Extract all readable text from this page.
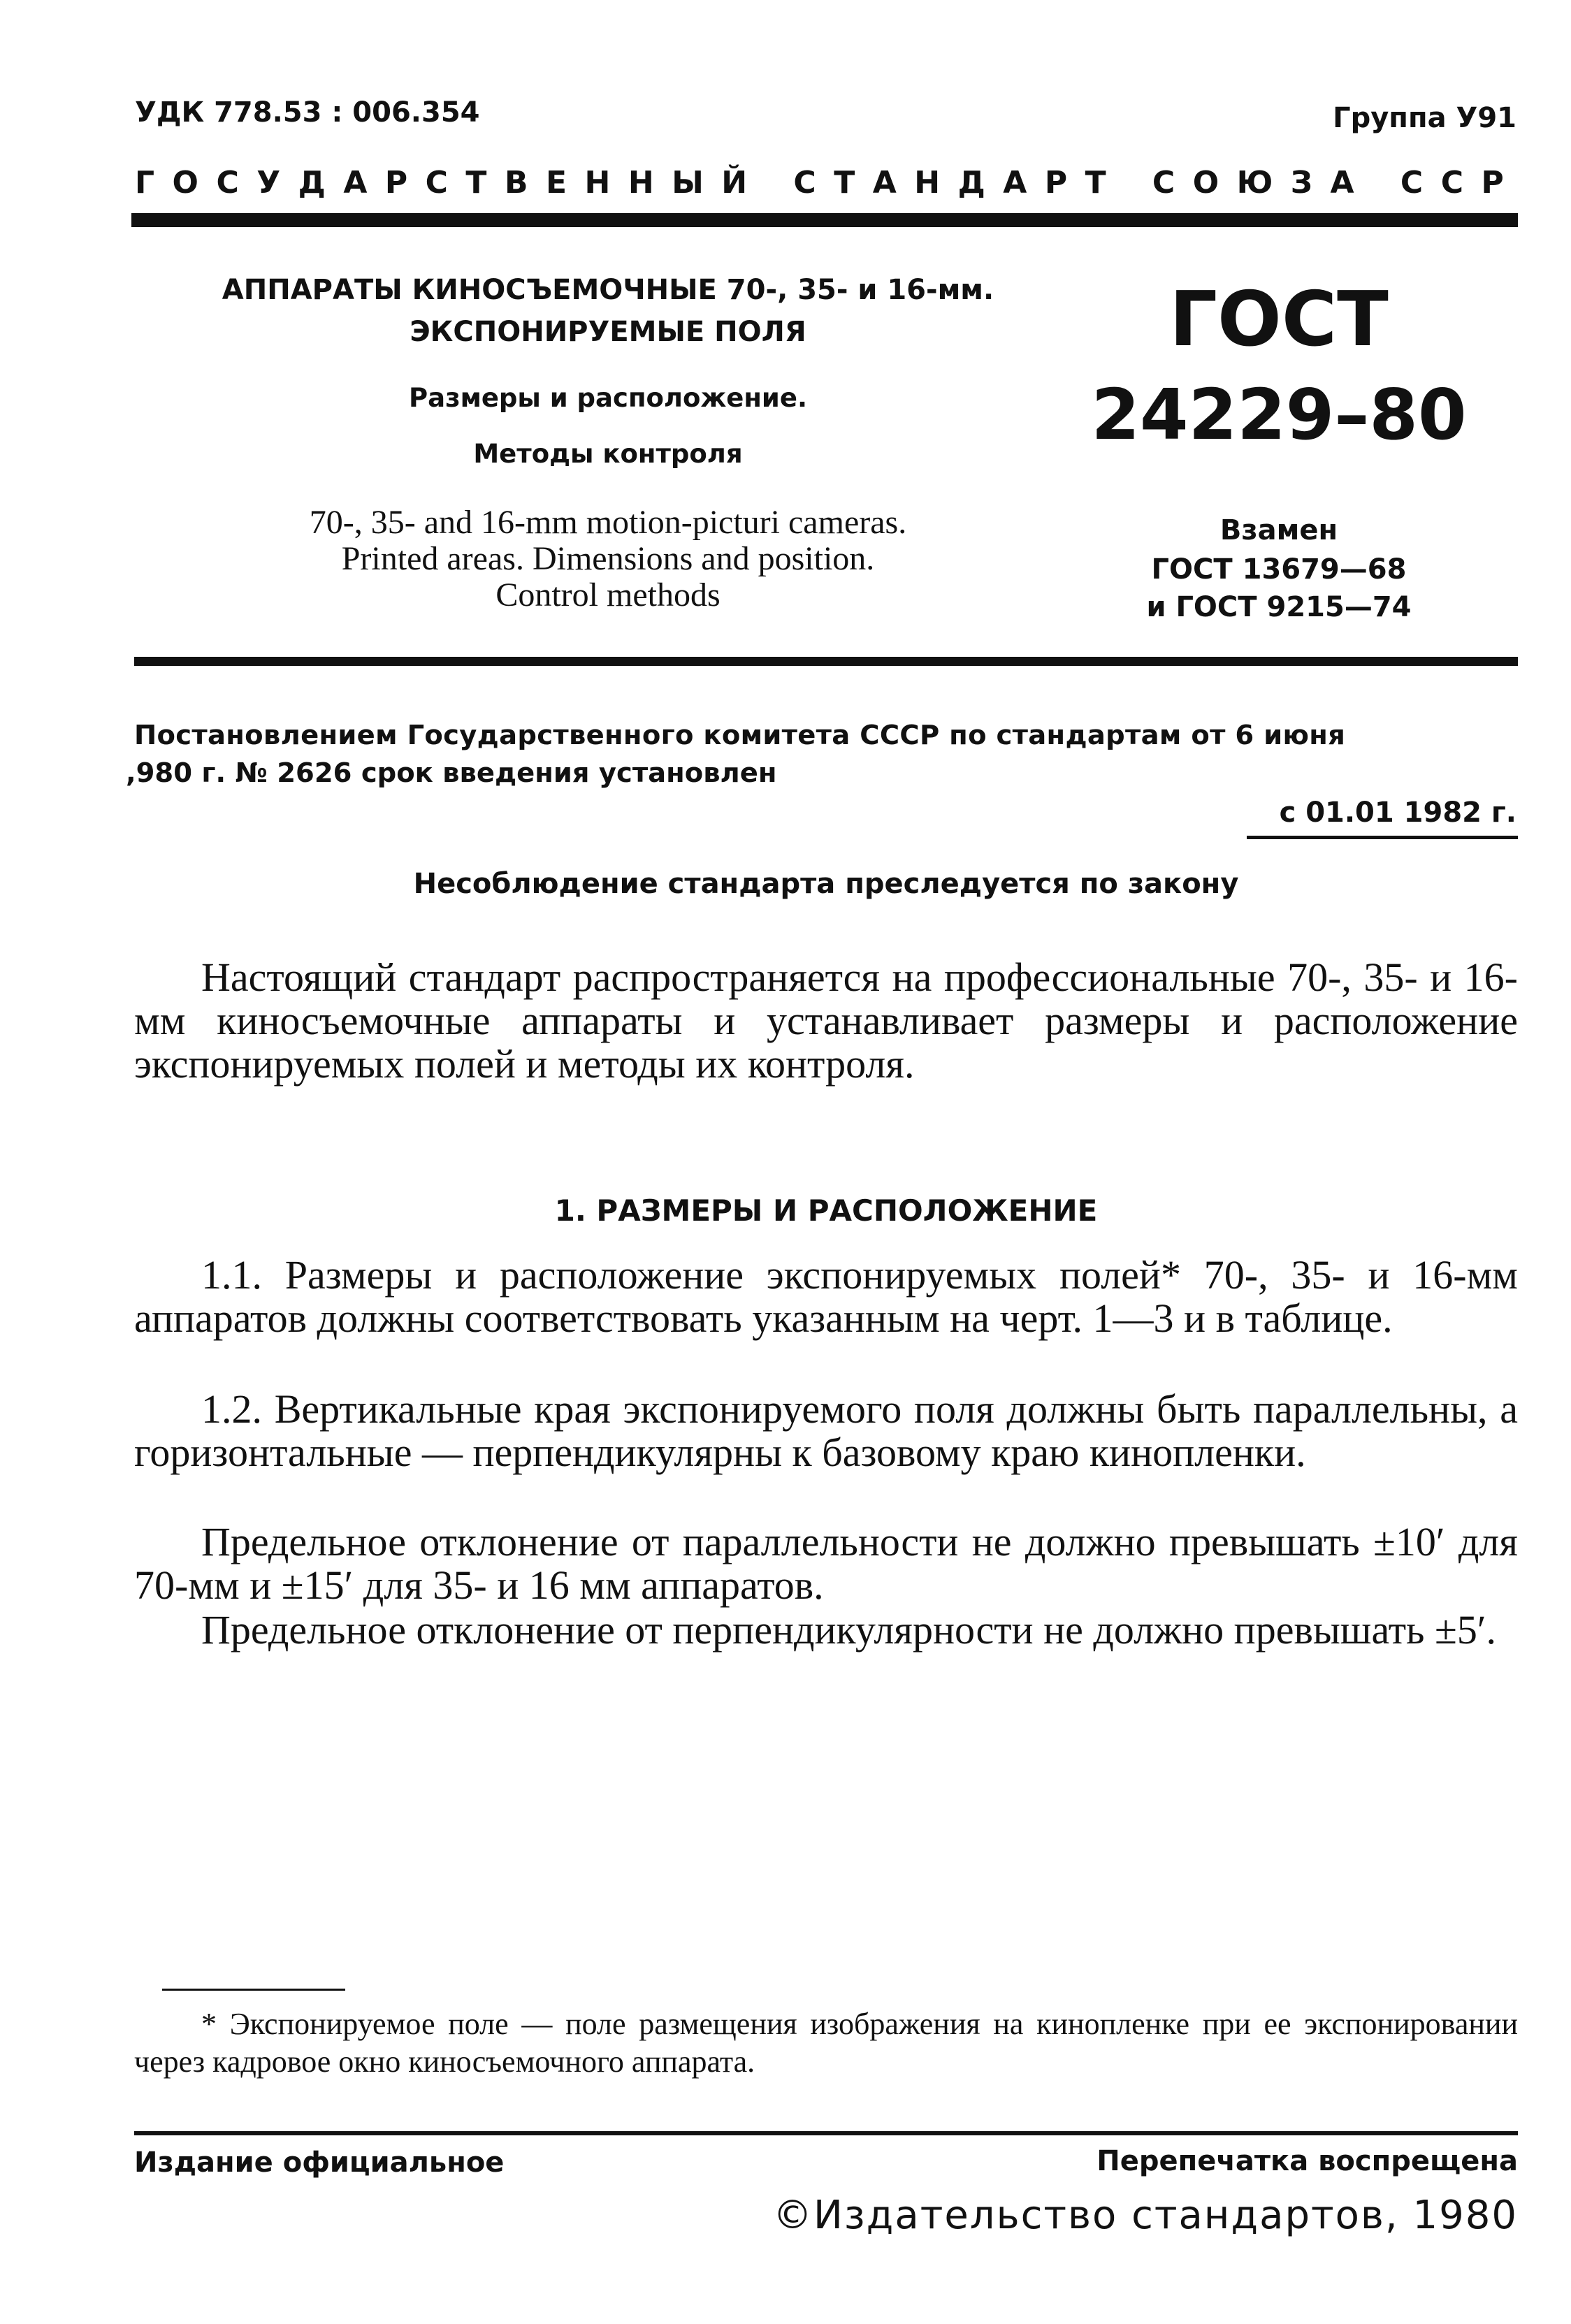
УДК 778.53 : 006.354	Группа У91
ГОСУДАРСТВЕННЫЙ СТАНДАРТ СОЮЗА ССР
АППАРАТЫ КИНОСЪЕМОЧНЫЕ 70-, 35- и 16-мм.
ЭКСПОНИРУЕМЫЕ ПОЛЯ
Размеры и расположение.
Методы контроля
70-, 35- and 16-mm motion-picturi cameras.
Printed areas. Dimensions and position.
Control methods
ГОСТ
24229–80
Взамен
ГОСТ 13679—68
и ГОСТ 9215—74
Постановлением Государственного комитета СССР по стандартам от 6 июня
,980 г. № 2626 срок введения установлен
с 01.01 1982 г.
Несоблюдение стандарта преследуется по закону
Настоящий стандарт распространяется на профессиональные 70-, 35- и 16-мм киносъемочные аппараты и устанавливает размеры и расположение экспонируемых полей и методы их контроля.
1. РАЗМЕРЫ И РАСПОЛОЖЕНИЕ
1.1. Размеры и расположение экспонируемых полей* 70-, 35- и 16-мм аппаратов должны соответствовать указанным на черт. 1—3 и в таблице.
1.2. Вертикальные края экспонируемого поля должны быть параллельны, а горизонтальные — перпендикулярны к базовому краю кинопленки.
Предельное отклонение от параллельности не должно превышать ±10′ для 70-мм и ±15′ для 35- и 16 мм аппаратов.
Предельное отклонение от перпендикулярности не должно превышать ±5′.
* Экспонируемое поле — поле размещения изображения на кинопленке при ее экспонировании через кадровое окно киносъемочного аппарата.
Издание официальное	Перепечатка воспрещена
©Издательство стандартов, 1980
